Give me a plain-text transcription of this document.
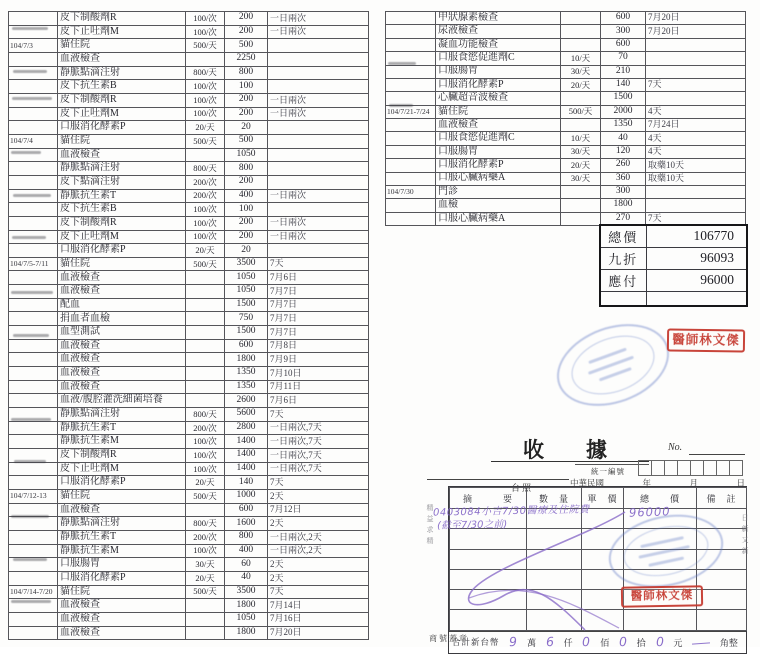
	皮下制酸劑R	100/次	200	一日兩次
	皮下止吐劑M	100/次	200	一日兩次
104/7/3	貓住院	500/天	500	
	血液檢查		2250	
	靜脈點滴注射	800/天	800	
	皮下抗生素B	100/次	100	
	皮下制酸劑R	100/次	200	一日兩次
	皮下止吐劑M	100/次	200	一日兩次
	口服消化酵素P	20/天	20	
104/7/4	貓住院	500/天	500	
	血液檢查		1050	
	靜脈點滴注射	800/天	800	
	皮下點滴注射	200/次	200	
	靜脈抗生素T	200/次	400	一日兩次
	皮下抗生素B	100/次	100	
	皮下制酸劑R	100/次	200	一日兩次
	皮下止吐劑M	100/次	200	一日兩次
	口服消化酵素P	20/天	20	
104/7/5-7/11	貓住院	500/天	3500	7天
	血液檢查		1050	7月6日
	血液檢查		1050	7月7日
	配血		1500	7月7日
	捐血者血檢		750	7月7日
	血型測試		1500	7月7日
	血液檢查		600	7月8日
	血液檢查		1800	7月9日
	血液檢查		1350	7月10日
	血液檢查		1350	7月11日
	血液/腹腔灌洗細菌培養		2600	7月6日
	靜脈點滴注射	800/天	5600	7天
	靜脈抗生素T	200/次	2800	一日兩次,7天
	靜脈抗生素M	100/次	1400	一日兩次,7天
	皮下制酸劑R	100/次	1400	一日兩次,7天
	皮下止吐劑M	100/次	1400	一日兩次,7天
	口服消化酵素P	20/天	140	7天
104/7/12-13	貓住院	500/天	1000	2天
	血液檢查		600	7月12日
	靜脈點滴注射	800/天	1600	2天
	靜脈抗生素T	200/次	800	一日兩次,2天
	靜脈抗生素M	100/次	400	一日兩次,2天
	口服腸胃	30/天	60	2天
	口服消化酵素P	20/天	40	2天
104/7/14-7/20	貓住院	500/天	3500	7天
	血液檢查		1800	7月14日
	血液檢查		1050	7月16日
	血液檢查		1800	7月20日
	甲狀腺素檢查		600	7月20日
	尿液檢查		300	7月20日
	凝血功能檢查		600	
	口服食慾促進劑C	10/天	70	
	口服腸胃	30/天	210	
	口服消化酵素P	20/天	140	7天
	心臟超音波檢查		1500	
104/7/21-7/24	貓住院	500/天	2000	4天
	血液檢查		1350	7月24日
	口服食慾促進劑C	10/天	40	4天
	口服腸胃	30/天	120	4天
	口服消化酵素P	20/天	260	取藥10天
	口服心臟病藥A	30/天	360	取藥10天
104/7/30	門診		300	
	血檢		1800	
	口服心臟病藥A		270	7天
總價	106770
九折	96093
應付	96000

醫師林文傑
收據 No.
統一編號
台照	中華民國	年	月	日
摘　　　要	數　量	單　價	總　　價	備　註

合計新台幣 9 萬 6 仟 0 佰 0 拾 0 元	角整
0403084小吉7/30醫療及住院費
(截至7/30之前)
96000
醫師林文傑
商號蓋章
精益求精	日新又新
